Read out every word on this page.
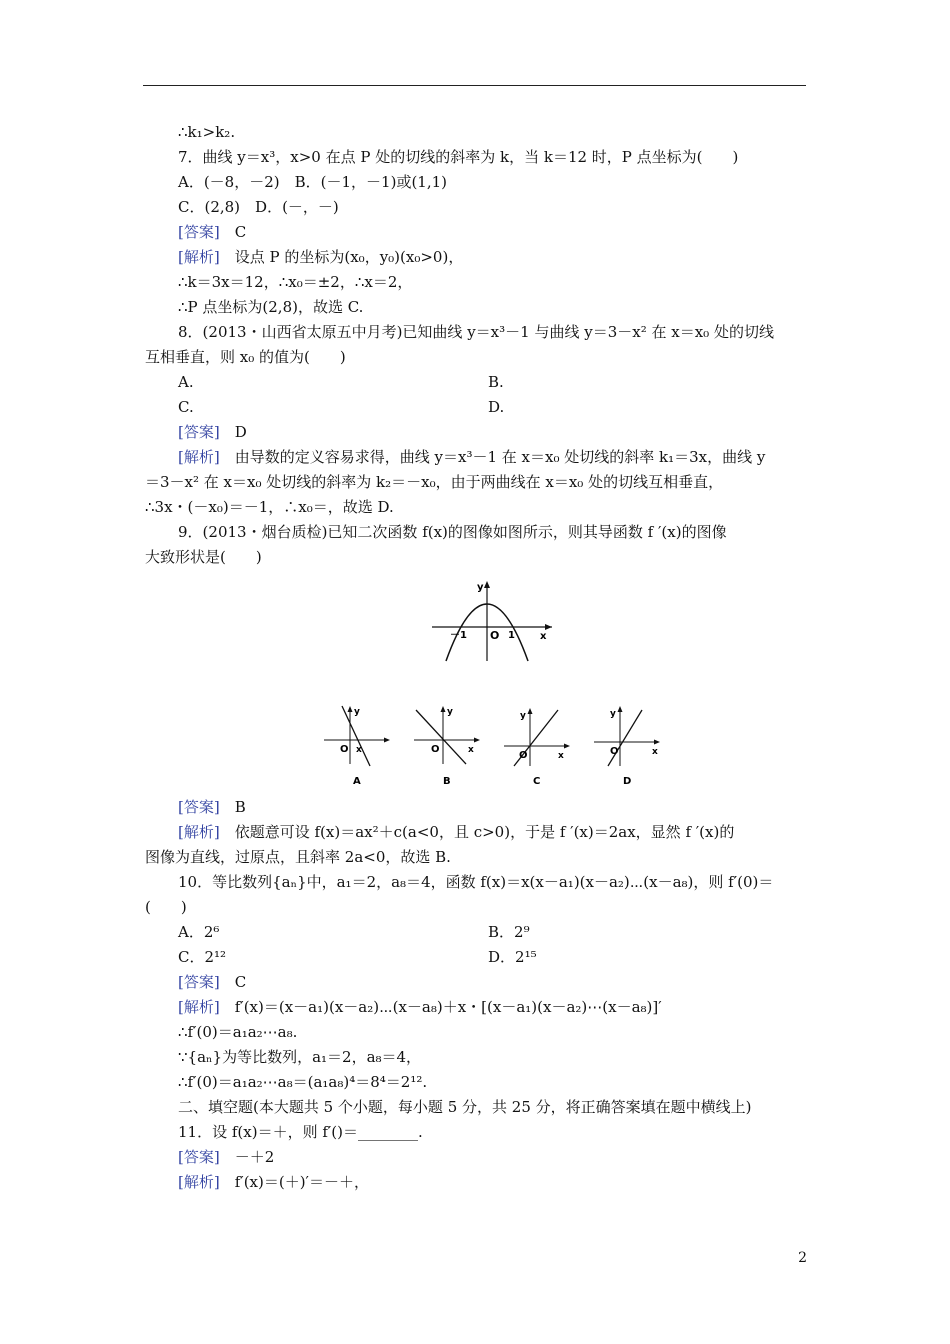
∴k₁>k₂.
7．曲线 y＝x³，x>0 在点 P 处的切线的斜率为 k，当 k＝12 时，P 点坐标为(　　)
A．(－8，－2)　B．(－1，－1)或(1,1)
C．(2,8)　D．(－，－)
[答案]　 C
[解析]　 设点 P 的坐标为(x₀，y₀)(x₀>0)，
∴k＝3x＝12，∴x₀＝±2，∴x＝2，
∴P 点坐标为(2,8)，故选 C.
8．(2013・山西省太原五中月考)已知曲线 y＝x³－1 与曲线 y＝3－x² 在 x＝x₀ 处的切线
互相垂直，则 x₀ 的值为(　　)
A.	B.
C.	D.
[答案]　 D
[解析]　 由导数的定义容易求得，曲线 y＝x³－1 在 x＝x₀ 处切线的斜率 k₁＝3x，曲线 y
＝3－x² 在 x＝x₀ 处切线的斜率为 k₂＝－x₀，由于两曲线在 x＝x₀ 处的切线互相垂直，
∴3x・(－x₀)＝－1，∴x₀＝，故选 D.
9．(2013・烟台质检)已知二次函数 f(x)的图像如图所示，则其导函数 f ′(x)的图像
大致形状是(　　)
y
x
O
－1	1
y
x
O
A
y
x
O
B
y
x
O
C
y
x
O
D
[答案]　 B
[解析]　 依题意可设 f(x)＝ax²＋c(a<0，且 c>0)，于是 f ′(x)＝2ax，显然 f ′(x)的
图像为直线，过原点，且斜率 2a<0，故选 B.
10．等比数列{aₙ}中，a₁＝2，a₈＝4，函数 f(x)＝x(x－a₁)(x－a₂)⋯(x－a₈)，则 f′(0)＝
(　　)
A．2⁶	B．2⁹
C．2¹²	D．2¹⁵
[答案]　 C
[解析]　 f′(x)＝(x－a₁)(x－a₂)⋯(x－a₈)＋x・[(x－a₁)(x－a₂)⋯(x－a₈)]′
∴f′(0)＝a₁a₂⋯a₈.
∵{aₙ}为等比数列，a₁＝2，a₈＝4，
∴f′(0)＝a₁a₂⋯a₈＝(a₁a₈)⁴＝8⁴＝2¹².
二、填空题(本大题共 5 个小题，每小题 5 分，共 25 分，将正确答案填在题中横线上)
11．设 f(x)＝＋，则 f′()＝________.
[答案]　 －＋2
[解析]　 f′(x)＝(＋)′＝－＋，
2
